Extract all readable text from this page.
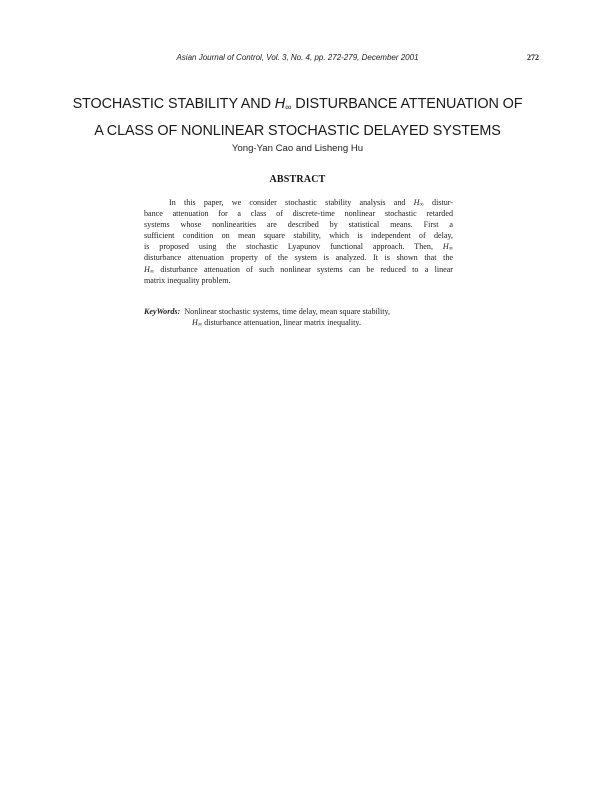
Asian Journal of Control, Vol. 3, No. 4, pp. 272-279, December 2001	272
STOCHASTIC STABILITY AND $H_\infty$ DISTURBANCE ATTENUATION OF
A CLASS OF NONLINEAR STOCHASTIC DELAYED SYSTEMS
Yong-Yan Cao and Lisheng Hu
ABSTRACT
In this paper, we consider stochastic stability analysis and $H_\infty$ distur-
bance attenuation for a class of discrete-time nonlinear stochastic retarded
systems whose nonlinearities are described by statistical means. First a
sufficient condition on mean square stability, which is independent of delay,
is proposed using the stochastic Lyapunov functional approach. Then, $H_\infty$
disturbance attenuation property of the system is analyzed. It is shown that the
$H_\infty$ disturbance attenuation of such nonlinear systems can be reduced to a linear
matrix inequality problem.
KeyWords: Nonlinear stochastic systems, time delay, mean square stability,
$H_\infty$ disturbance attenuation, linear matrix inequality.
